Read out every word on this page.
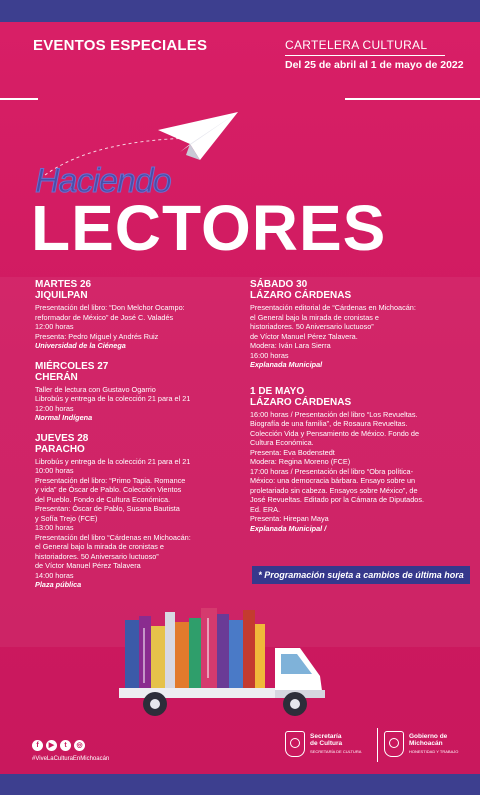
EVENTOS ESPECIALES	CARTELERA CULTURAL
Del 25 de abril al 1 de mayo de 2022
Haciendo
LECTORES
MARTES 26
JIQUILPAN
Presentación del libro: “Don Melchor Ocampo:
reformador de México” de José C. Valadés
12:00 horas
Presenta: Pedro Miguel y Andrés Ruiz
Universidad de la Ciénega
MIÉRCOLES 27
CHERÁN
Taller de lectura con Gustavo Ogarrio
Librobús y entrega de la colección 21 para el 21
12:00 horas
Normal Indígena
JUEVES 28
PARACHO
Librobús y entrega de la colección 21 para el 21
10:00 horas
Presentación del libro: “Primo Tapia. Romance
y vida” de Óscar de Pablo. Colección Vientos
del Pueblo. Fondo de Cultura Económica.
Presentan: Óscar de Pablo, Susana Bautista
y Sofía Trejo (FCE)
13:00 horas
Presentación del libro “Cárdenas en Michoacán:
el General bajo la mirada de cronistas e
historiadores. 50 Aniversario luctuoso”
de Víctor Manuel Pérez Talavera
14:00 horas
Plaza pública
SÁBADO 30
LÁZARO CÁRDENAS
Presentación editorial de “Cárdenas en Michoacán:
el General bajo la mirada de cronistas e
historiadores. 50 Aniversario luctuoso”
de Víctor Manuel Pérez Talavera.
Modera: Iván Lara Sierra
16:00 horas
Explanada Municipal
1 DE MAYO
LÁZARO CÁRDENAS
16:00 horas / Presentación del libro “Los Revueltas.
Biografía de una familia”, de Rosaura Revueltas.
Colección Vida y Pensamiento de México. Fondo de
Cultura Económica.
Presenta: Eva Bodenstedt
Modera: Regina Moreno (FCE)
17:00 horas / Presentación del libro “Obra política-
México: una democracia bárbara. Ensayo sobre un
proletariado sin cabeza. Ensayos sobre México”, de
José Revueltas. Editado por la Cámara de Diputados.
Ed. ERA.
Presenta: Hirepan Maya
Explanada Municipal /
* Programación sujeta a cambios de última hora
f	▶	t	◎
#ViveLaCulturaEnMichoacán
Secretaría
de Cultura
SECRETARÍA DE CULTURA
Gobierno de
Michoacán
HONESTIDAD Y TRABAJO
